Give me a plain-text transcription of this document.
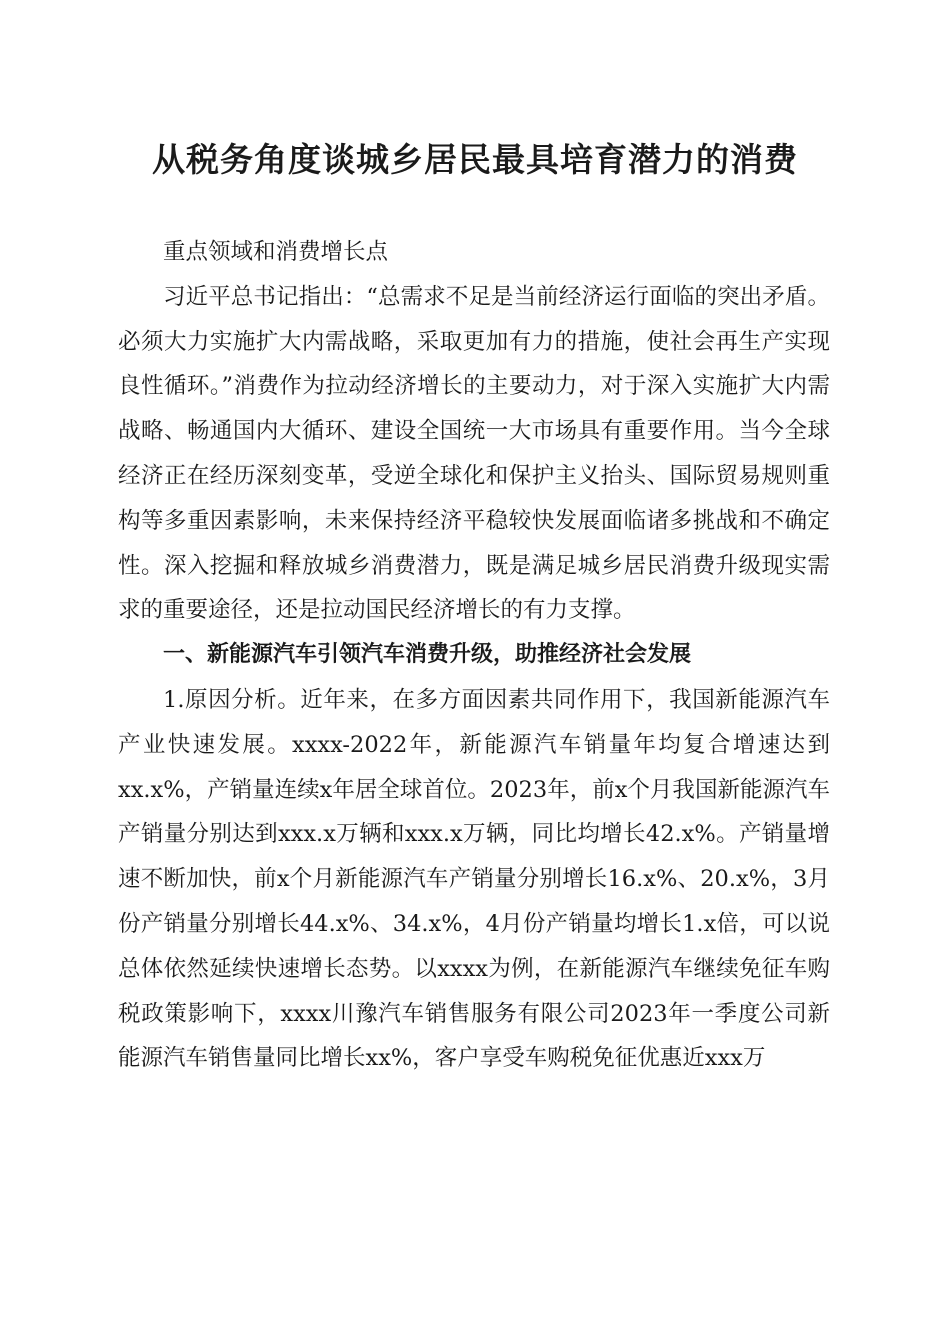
从税务角度谈城乡居民最具培育潜力的消费

重点领域和消费增长点

习近平总书记指出：“总需求不足是当前经济运行面临的突出矛盾。必须大力实施扩大内需战略，采取更加有力的措施，使社会再生产实现良性循环。”消费作为拉动经济增长的主要动力，对于深入实施扩大内需战略、畅通国内大循环、建设全国统一大市场具有重要作用。当今全球经济正在经历深刻变革，受逆全球化和保护主义抬头、国际贸易规则重构等多重因素影响，未来保持经济平稳较快发展面临诸多挑战和不确定性。深入挖掘和释放城乡消费潜力，既是满足城乡居民消费升级现实需求的重要途径，还是拉动国民经济增长的有力支撑。

一、新能源汽车引领汽车消费升级，助推经济社会发展

1.原因分析。近年来，在多方面因素共同作用下，我国新能源汽车产业快速发展。xxxx-2022年，新能源汽车销量年均复合增速达到xx.x%，产销量连续x年居全球首位。2023年，前x个月我国新能源汽车产销量分别达到xxx.x万辆和xxx.x万辆，同比均增长42.x%。产销量增速不断加快，前x个月新能源汽车产销量分别增长16.x%、20.x%，3月份产销量分别增长44.x%、34.x%，4月份产销量均增长1.x倍，可以说总体依然延续快速增长态势。以xxxx为例，在新能源汽车继续免征车购税政策影响下，xxxx川豫汽车销售服务有限公司2023年一季度公司新能源汽车销售量同比增长xx%，客户享受车购税免征优惠近xxx万
